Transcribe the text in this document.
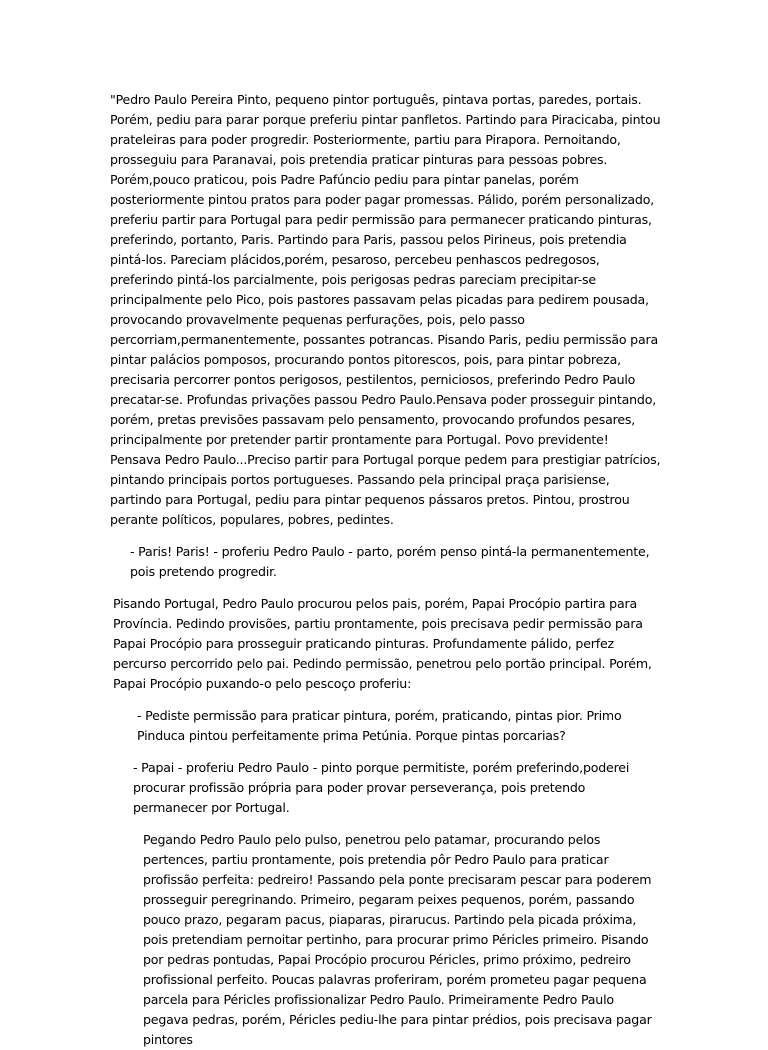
"Pedro Paulo Pereira Pinto, pequeno pintor português, pintava portas, paredes, portais. Porém, pediu para parar porque preferiu pintar panfletos. Partindo para Piracicaba, pintou prateleiras para poder progredir. Posteriormente, partiu para Pirapora. Pernoitando, prosseguiu para Paranavai, pois pretendia praticar pinturas para pessoas pobres. Porém,pouco praticou, pois Padre Pafúncio pediu para pintar panelas, porém posteriormente pintou pratos para poder pagar promessas. Pálido, porém personalizado, preferiu partir para Portugal para pedir permissão para permanecer praticando pinturas, preferindo, portanto, Paris. Partindo para Paris, passou pelos Pirineus, pois pretendia pintá-los. Pareciam plácidos,porém, pesaroso, percebeu penhascos pedregosos, preferindo pintá-los parcialmente, pois perigosas pedras pareciam precipitar-se principalmente pelo Pico, pois pastores passavam pelas picadas para pedirem pousada, provocando provavelmente pequenas perfurações, pois, pelo passo percorriam,permanentemente, possantes potrancas. Pisando Paris, pediu permissão para pintar palácios pomposos, procurando pontos pitorescos, pois, para pintar pobreza, precisaria percorrer pontos perigosos, pestilentos, perniciosos, preferindo Pedro Paulo precatar-se. Profundas privações passou Pedro Paulo.Pensava poder prosseguir pintando, porém, pretas previsões passavam pelo pensamento, provocando profundos pesares, principalmente por pretender partir prontamente para Portugal. Povo previdente! Pensava Pedro Paulo...Preciso partir para Portugal porque pedem para prestigiar patrícios, pintando principais portos portugueses. Passando pela principal praça parisiense, partindo para Portugal, pediu para pintar pequenos pássaros pretos. Pintou, prostrou perante políticos, populares, pobres, pedintes.

- Paris! Paris! - proferiu Pedro Paulo - parto, porém penso pintá-la permanentemente, pois pretendo progredir.

Pisando Portugal, Pedro Paulo procurou pelos pais, porém, Papai Procópio partira para Província. Pedindo provisões, partiu prontamente, pois precisava pedir permissão para Papai Procópio para prosseguir praticando pinturas. Profundamente pálido, perfez percurso percorrido pelo pai. Pedindo permissão, penetrou pelo portão principal. Porém, Papai Procópio puxando-o pelo pescoço proferiu:

- Pediste permissão para praticar pintura, porém, praticando, pintas pior. Primo Pinduca pintou perfeitamente prima Petúnia. Porque pintas porcarias?

- Papai - proferiu Pedro Paulo - pinto porque permitiste, porém preferindo,poderei procurar profissão própria para poder provar perseverança, pois pretendo permanecer por Portugal.

Pegando Pedro Paulo pelo pulso, penetrou pelo patamar, procurando pelos pertences, partiu prontamente, pois pretendia pôr Pedro Paulo para praticar profissão perfeita: pedreiro! Passando pela ponte precisaram pescar para poderem prosseguir peregrinando. Primeiro, pegaram peixes pequenos, porém, passando pouco prazo, pegaram pacus, piaparas, pirarucus. Partindo pela picada próxima, pois pretendiam pernoitar pertinho, para procurar primo Péricles primeiro. Pisando por pedras pontudas, Papai Procópio procurou Péricles, primo próximo, pedreiro profissional perfeito. Poucas palavras proferiram, porém prometeu pagar pequena parcela para Péricles profissionalizar Pedro Paulo. Primeiramente Pedro Paulo pegava pedras, porém, Péricles pediu-lhe para pintar prédios, pois precisava pagar pintores
